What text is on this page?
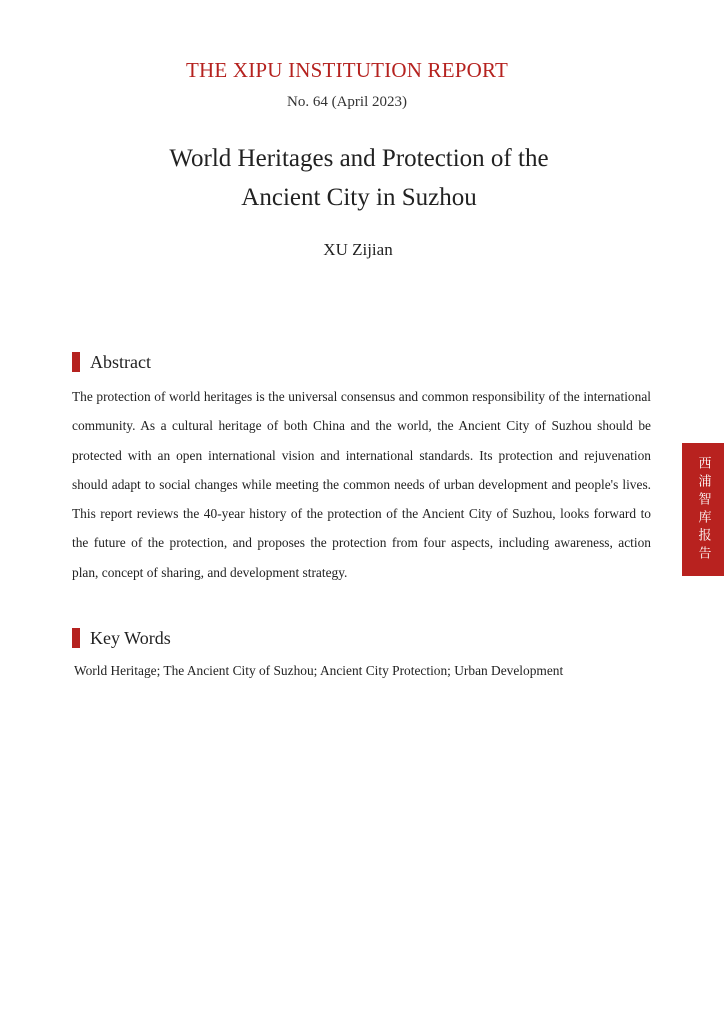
THE XIPU INSTITUTION REPORT
No. 64 (April 2023)
World Heritages and Protection of the
Ancient City in Suzhou
XU Zijian
Abstract
The protection of world heritages is the universal consensus and common responsibility of the international
community. As a cultural heritage of both China and the world, the Ancient City of Suzhou should be
protected with an open international vision and international standards. Its protection and rejuvenation
should adapt to social changes while meeting the common needs of urban development and people's lives.
This report reviews the 40-year history of the protection of the Ancient City of Suzhou, looks forward to
the future of the protection, and proposes the protection from four aspects, including awareness, action
plan, concept of sharing, and development strategy.
Key Words
World Heritage; The Ancient City of Suzhou; Ancient City Protection; Urban Development
西浦智库报告
